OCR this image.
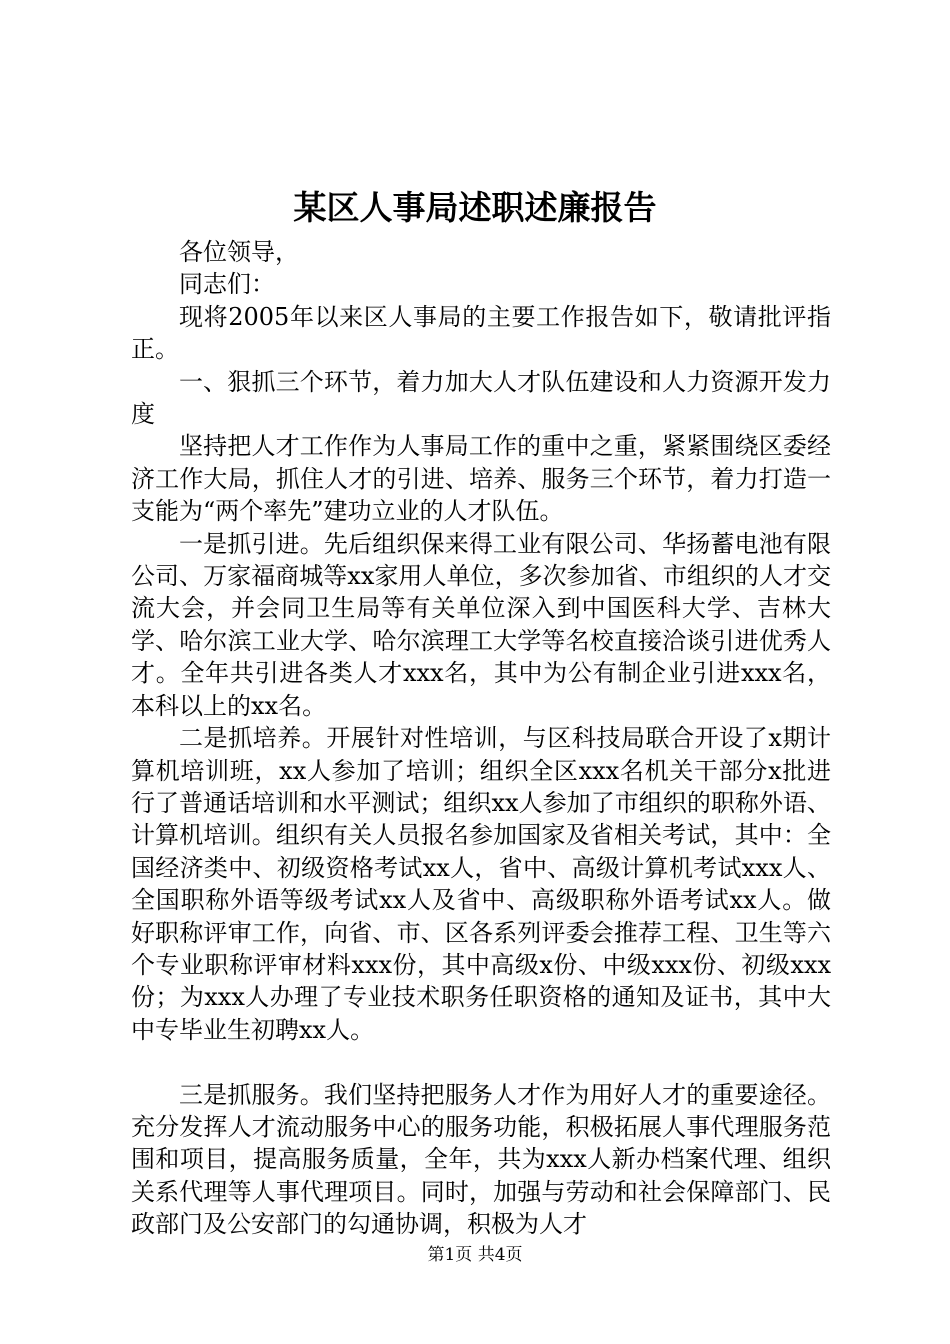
某区人事局述职述廉报告

各位领导，

同志们：

现将2005年以来区人事局的主要工作报告如下，敬请批评指正。

一、狠抓三个环节，着力加大人才队伍建设和人力资源开发力度

坚持把人才工作作为人事局工作的重中之重，紧紧围绕区委经济工作大局，抓住人才的引进、培养、服务三个环节，着力打造一支能为“两个率先”建功立业的人才队伍。

一是抓引进。先后组织保来得工业有限公司、华扬蓄电池有限公司、万家福商城等xx家用人单位，多次参加省、市组织的人才交流大会，并会同卫生局等有关单位深入到中国医科大学、吉林大学、哈尔滨工业大学、哈尔滨理工大学等名校直接洽谈引进优秀人才。全年共引进各类人才xxx名，其中为公有制企业引进xxx名，本科以上的xx名。

二是抓培养。开展针对性培训，与区科技局联合开设了x期计算机培训班，xx人参加了培训；组织全区xxx名机关干部分x批进行了普通话培训和水平测试；组织xx人参加了市组织的职称外语、计算机培训。组织有关人员报名参加国家及省相关考试，其中：全国经济类中、初级资格考试xx人，省中、高级计算机考试xxx人、全国职称外语等级考试xx人及省中、高级职称外语考试xx人。做好职称评审工作，向省、市、区各系列评委会推荐工程、卫生等六个专业职称评审材料xxx份，其中高级x份、中级xxx份、初级xxx份；为xxx人办理了专业技术职务任职资格的通知及证书，其中大中专毕业生初聘xx人。

三是抓服务。我们坚持把服务人才作为用好人才的重要途径。充分发挥人才流动服务中心的服务功能，积极拓展人事代理服务范围和项目，提高服务质量，全年，共为xxx人新办档案代理、组织关系代理等人事代理项目。同时，加强与劳动和社会保障部门、民政部门及公安部门的勾通协调，积极为人才

第1页 共4页
